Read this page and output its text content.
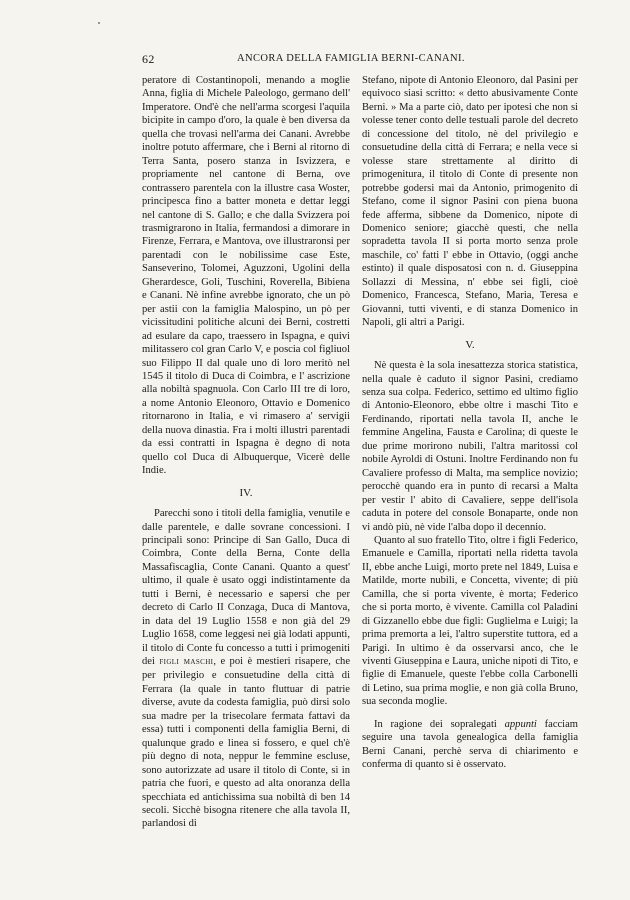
62	ANCORA DELLA FAMIGLIA BERNI-CANANI.

peratore di Costantinopoli, menando a moglie Anna, figlia di Michele Paleologo, germano dell' Imperatore. Ond'è che nell'arma scorgesi l'aquila bicipite in campo d'oro, la quale è ben diversa da quella che trovasi nell'arma dei Canani. Avrebbe inoltre potuto affermare, che i Berni al ritorno di Terra Santa, posero stanza in Isvizzera, e propriamente nel cantone di Berna, ove contrassero parentela con la illustre casa Woster, principesca fino a batter moneta e dettar leggi nel cantone di S. Gallo; e che dalla Svizzera poi trasmigrarono in Italia, fermandosi a dimorare in Firenze, Ferrara, e Mantova, ove illustraronsi per parentadi con le nobilissime case Este, Sanseverino, Tolomei, Aguzzoni, Ugolini della Gherardesce, Goli, Tuschini, Roverella, Bibiena e Canani. Nè infine avrebbe ignorato, che un pò per astii con la famiglia Malospino, un pò per vicissitudini politiche alcuni dei Berni, costretti ad esulare da capo, traessero in Ispagna, e quivi militassero col gran Carlo V, e poscia col figliuol suo Filippo II dal quale uno di loro meritò nel 1545 il titolo di Duca di Coimbra, e l' ascrizione alla nobiltà spagnuola. Con Carlo III tre di loro, a nome Antonio Eleonoro, Ottavio e Domenico ritornarono in Italia, e vi rimasero a' servigii della nuova dinastia. Fra i molti illustri parentadi da essi contratti in Ispagna è degno di nota quello col Duca di Albuquerque, Vicerè delle Indie.

IV.

Parecchi sono i titoli della famiglia, venutile e dalle parentele, e dalle sovrane concessioni. I principali sono: Principe di San Gallo, Duca di Coimbra, Conte della Berna, Conte della Massafiscaglia, Conte Canani. Quanto a quest' ultimo, il quale è usato oggi indistintamente da tutti i Berni, è necessario e sapersi che per decreto di Carlo II Conzaga, Duca di Mantova, in data del 19 Luglio 1558 e non già del 29 Luglio 1658, come leggesi nei già lodati appunti, il titolo di Conte fu concesso a tutti i primogeniti dei figli maschi, e poi è mestieri risapere, che per privilegio e consuetudine della città di Ferrara (la quale in tanto fluttuar di patrie diverse, avute da codesta famiglia, può dirsi solo sua madre per la trisecolare fermata fattavi da essa) tutti i componenti della famiglia Berni, di qualunque grado e linea si fossero, e quel ch'è più degno di nota, neppur le femmine escluse, sono autorizzate ad usare il titolo di Conte, sì in patria che fuori, e questo ad alta onoranza della specchiata ed antichissima sua nobiltà di ben 14 secoli. Sicchè bisogna ritenere che alla tavola II, parlandosi di

Stefano, nipote di Antonio Eleonoro, dal Pasini per equivoco siasi scritto: « detto abusivamente Conte Berni. » Ma a parte ciò, dato per ipotesi che non si volesse tener conto delle testuali parole del decreto di concessione del titolo, nè del privilegio e consuetudine della città di Ferrara; e nella vece si volesse stare strettamente al diritto di primogenitura, il titolo di Conte di presente non potrebbe godersi mai da Antonio, primogenito di Stefano, come il signor Pasini con piena buona fede afferma, sibbene da Domenico, nipote di Domenico seniore; giacchè questi, che nella sopradetta tavola II si porta morto senza prole maschile, co' fatti l' ebbe in Ottavio, (oggi anche estinto) il quale disposatosi con n. d. Giuseppina Sollazzi di Messina, n' ebbe sei figli, cioè Domenico, Francesca, Stefano, Maria, Teresa e Giovanni, tutti viventi, e di stanza Domenico in Napoli, gli altri a Parigi.

V.

Nè questa è la sola inesattezza storica statistica, nella quale è caduto il signor Pasini, crediamo senza sua colpa. Federico, settimo ed ultimo figlio di Antonio-Eleonoro, ebbe oltre i maschi Tito e Ferdinando, riportati nella tavola II, anche le femmine Angelina, Fausta e Carolina; di queste le due prime morirono nubili, l'altra maritossi col nobile Ayroldi di Ostuni. Inoltre Ferdinando non fu Cavaliere professo di Malta, ma semplice novizio; perocchè quando era in punto di recarsi a Malta per vestir l' abito di Cavaliere, seppe dell'isola caduta in potere del console Bonaparte, onde non vi andò più, nè vide l'alba dopo il decennio.

Quanto al suo fratello Tito, oltre i figli Federico, Emanuele e Camilla, riportati nella ridetta tavola II, ebbe anche Luigi, morto prete nel 1849, Luisa e Matilde, morte nubili, e Concetta, vivente; di più Camilla, che si porta vivente, è morta; Federico che si porta morto, è vivente. Camilla col Paladini di Gizzanello ebbe due figli: Guglielma e Luigi; la prima premorta a lei, l'altro superstite tuttora, ed a Parigi. In ultimo è da osservarsi anco, che le viventi Giuseppina e Laura, uniche nipoti di Tito, e figlie di Emanuele, queste l'ebbe colla Carbonelli di Letino, sua prima moglie, e non già colla Bruno, sua seconda moglie.

In ragione dei sopralegati appunti facciam seguire una tavola genealogica della famiglia Berni Canani, perchè serva di chiarimento e conferma di quanto si è osservato.
